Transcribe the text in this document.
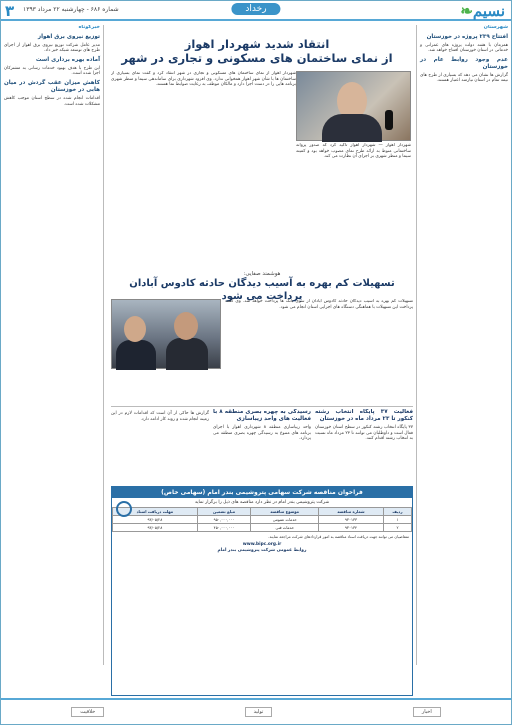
نسیم❧
رخداد
شماره ۶۸۶ - چهارشنبه ۲۲ مرداد ۱۳۹۳
۳
شهرستان
افتتاح ۲۳۹ پروژه در خوزستان
همزمان با هفته دولت پروژه های عمرانی و خدماتی در استان خوزستان افتتاح خواهد شد.
عدم وجود روابط عام در خوزستان
گزارش ها نشان می دهد که بسیاری از طرح های نیمه تمام در استان نیازمند اعتبار هستند.
خبرکوتاه
توزیع نیروی برق اهواز
مدیر عامل شرکت توزیع نیروی برق اهواز از اجرای طرح های توسعه شبکه خبر داد.
آماده بهره برداری است
این طرح با هدف بهبود خدمات رسانی به مشترکان اجرا شده است.
کاهش میزان عقب گردش در میان هابی در خوزستان
اقدامات انجام شده در سطح استان موجب کاهش مشکلات شده است.
انتقاد شدید شهردار اهواز
از نمای ساختمان های مسکونی و تجاری در شهر
شهردار اهواز — شهردار اهواز تاکید کرد که صدور پروانه ساختمانی منوط به ارائه طرح نمای مصوب خواهد بود و کمیته سیما و منظر شهری بر اجرای آن نظارت می کند.
شهردار اهواز از نمای ساختمان های مسکونی و تجاری در شهر انتقاد کرد و گفت نمای بسیاری از ساختمان ها با شأن شهر اهواز همخوانی ندارد. وی افزود شهرداری برای ساماندهی سیما و منظر شهری برنامه هایی را در دست اجرا دارد و مالکان موظف به رعایت ضوابط نما هستند.
هوشمند صفایی:
تسهیلات کم بهره به آسیب دیدگان حادثه کادوس آبادان پرداخت می شود
تسهیلات کم بهره به آسیب دیدگان حادثه کادوس آبادان از سوی بانک ها پرداخت خواهد شد. وی گفت پرداخت این تسهیلات با هماهنگی دستگاه های اجرایی استان انجام می شود.
فعالیت ۳۷ پایگاه انتخاب رشته کنکور تا ۲۳ مرداد ماه در خوزستان
۳۷ پایگاه انتخاب رشته کنکور در سطح استان خوزستان فعال است و داوطلبان می توانند تا ۲۳ مرداد ماه نسبت به انتخاب رشته اقدام کنند.
رسیدگی به چهره بصری منطقه ۸ با فعالیت های واحد زیباسازی
واحد زیباسازی منطقه ۸ شهرداری اهواز با اجرای برنامه های متنوع به رسیدگی چهره بصری منطقه می پردازد.
گزارش ها حاکی از آن است که اقدامات لازم در این زمینه انجام شده و روند کار ادامه دارد.
فراخوان مناقصه شرکت سهامی پتروشیمی بندر امام (سهامی خاص)
شرکت پتروشیمی بندر امام در نظر دارد مناقصه های ذیل را برگزار نماید
ردیف	شماره مناقصه	موضوع مناقصه	مبلغ تضمین	مهلت دریافت اسناد
۱	۹۳۰۱۳۳	خدمات عمومی	۹۵۰,۰۰۰,۰۰۰	۹۳/۰۵/۲۸
۲	۹۳۰۱۳۴	خدمات فنی	۴۵۰,۰۰۰,۰۰۰	۹۳/۰۵/۲۸
متقاضیان می توانند جهت دریافت اسناد مناقصه به امور قراردادهای شرکت مراجعه نمایند.
www.bipc.org.ir
روابط عمومی شرکت پتروشیمی بندر امام
اخبار
تولید
خلاقیت
